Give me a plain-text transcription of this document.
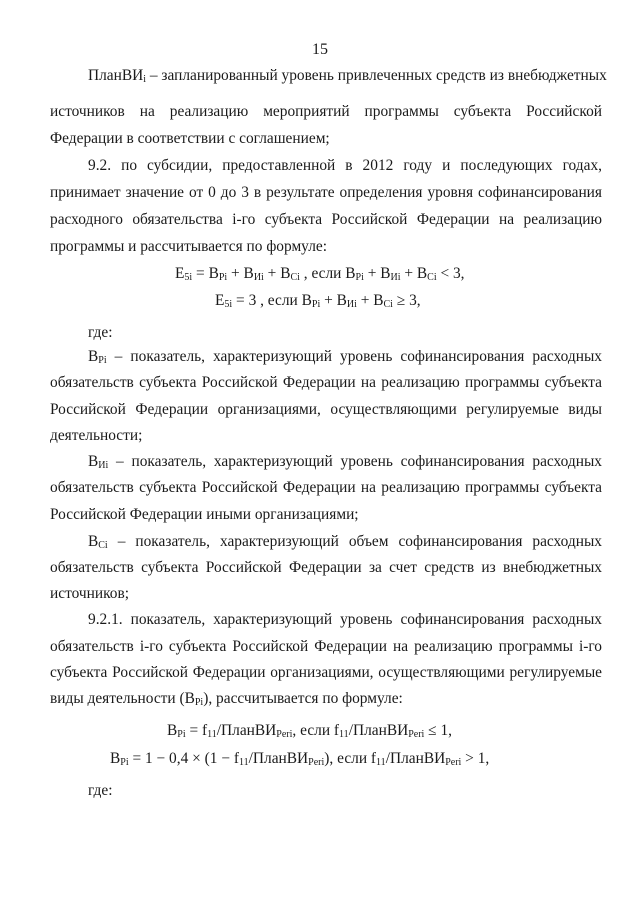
15
ПланВИ$_i$ – запланированный уровень привлеченных средств из внебюджетных
источников на реализацию мероприятий программы субъекта Российской
Федерации в соответствии с соглашением;
9.2. по субсидии, предоставленной в 2012 году и последующих годах,
принимает значение от 0 до 3 в результате определения уровня софинансирования
расходного обязательства i-го субъекта Российской Федерации на реализацию
программы и рассчитывается по формуле:
$E_{5i} = B_{Pi} + B_{Иi} + B_{Ci}$ , если $B_{Pi} + B_{Иi} + B_{Ci} < 3$,
$E_{5i} = 3$ , если $B_{Pi} + B_{Иi} + B_{Ci} \ge 3$,
где:
$B_{Pi}$ – показатель, характеризующий уровень софинансирования расходных
обязательств субъекта Российской Федерации на реализацию программы субъекта
Российской Федерации организациями, осуществляющими регулируемые виды
деятельности;
$B_{Иi}$ – показатель, характеризующий уровень софинансирования расходных
обязательств субъекта Российской Федерации на реализацию программы субъекта
Российской Федерации иными организациями;
$B_{Ci}$ – показатель, характеризующий объем софинансирования расходных
обязательств субъекта Российской Федерации за счет средств из внебюджетных
источников;
9.2.1. показатель, характеризующий уровень софинансирования расходных
обязательств i-го субъекта Российской Федерации на реализацию программы i-го
субъекта Российской Федерации организациями, осуществляющими регулируемые
виды деятельности $(B_{Pi})$, рассчитывается по формуле:
$B_{Pi}$ = $f_{11}/ПланВИ_{Peri}$, если $f_{11}/ПланВИ_{Peri} \le 1$,
$B_{Pi} = 1 - 0,4 \times (1$ − $f_{11}/ПланВИ_{Peri}$), если $f_{11}/ПланВИ_{Peri} > 1$,
где:
